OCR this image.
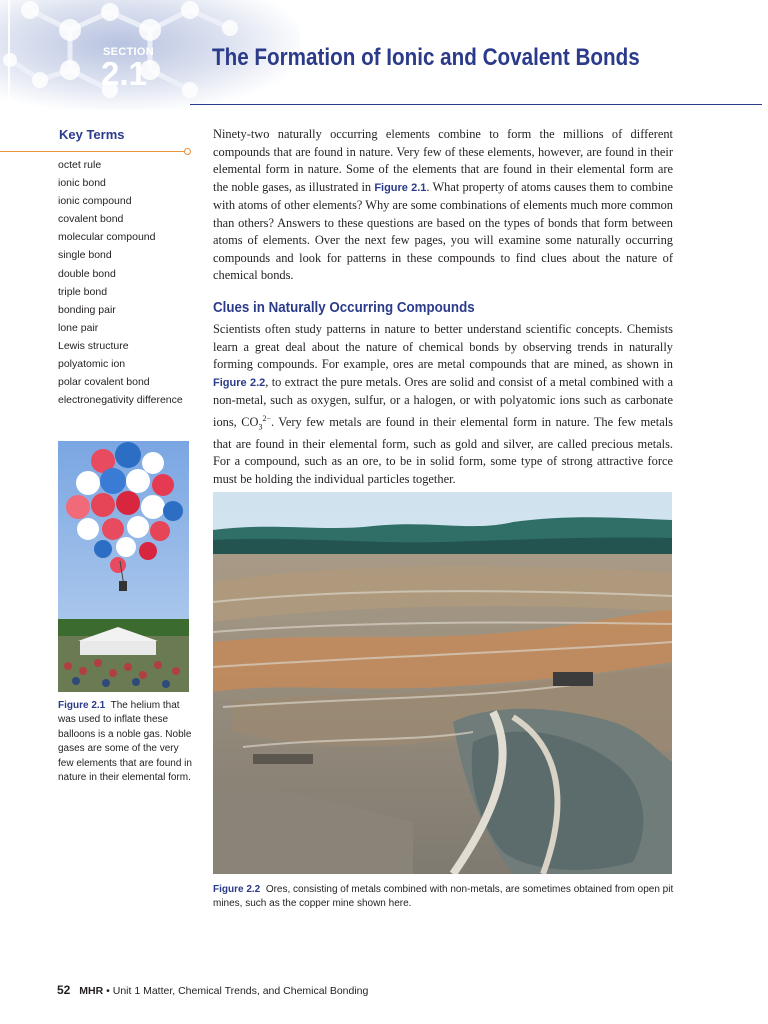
SECTION
2.1	The Formation of Ionic and Covalent Bonds
Key Terms
octet rule
ionic bond
ionic compound
covalent bond
molecular compound
single bond
double bond
triple bond
bonding pair
lone pair
Lewis structure
polyatomic ion
polar covalent bond
electronegativity difference

Figure 2.1 The helium that was used to inflate these balloons is a noble gas. Noble gases are some of the very few elements that are found in nature in their elemental form.

Ninety-two naturally occurring elements combine to form the millions of different compounds that are found in nature. Very few of these elements, however, are found in their elemental form in nature. Some of the elements that are found in their elemental form are the noble gases, as illustrated in Figure 2.1. What property of atoms causes them to combine with atoms of other elements? Why are some combinations of elements much more common than others? Answers to these questions are based on the types of bonds that form between atoms of elements. Over the next few pages, you will examine some naturally occurring compounds and look for patterns in these compounds to find clues about the nature of chemical bonds.

Clues in Naturally Occurring Compounds

Scientists often study patterns in nature to better understand scientific concepts. Chemists learn a great deal about the nature of chemical bonds by observing trends in naturally forming compounds. For example, ores are metal compounds that are mined, as shown in Figure 2.2, to extract the pure metals. Ores are solid and consist of a metal combined with a non-metal, such as oxygen, sulfur, or a halogen, or with polyatomic ions such as carbonate ions, $CO_3^{2-}$. Very few metals are found in their elemental form in nature. The few metals that are found in their elemental form, such as gold and silver, are called precious metals. For a compound, such as an ore, to be in solid form, some type of strong attractive force must be holding the individual particles together.

Figure 2.2 Ores, consisting of metals combined with non-metals, are sometimes obtained from open pit mines, such as the copper mine shown here.

52 MHR • Unit 1 Matter, Chemical Trends, and Chemical Bonding
